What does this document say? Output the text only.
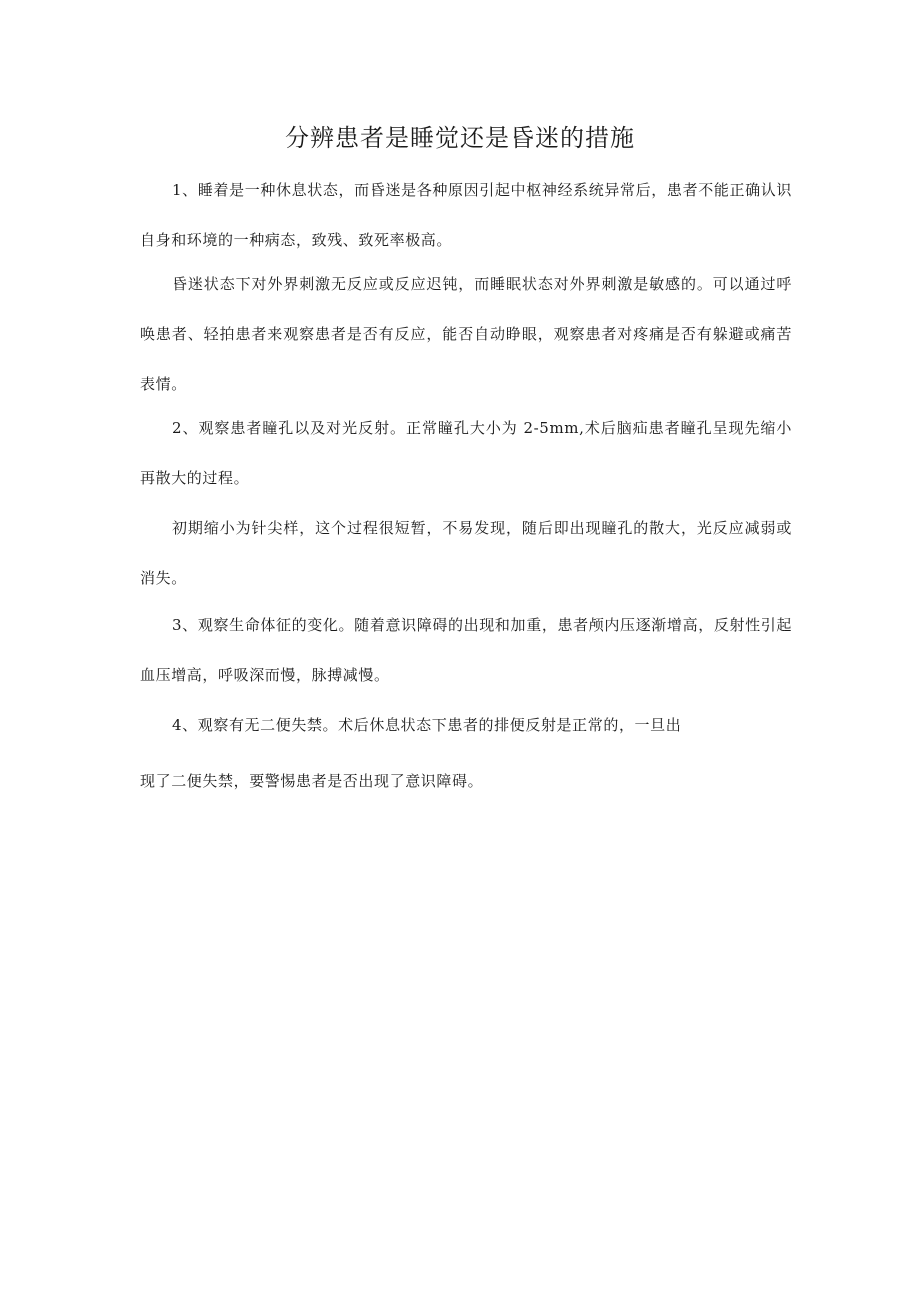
分辨患者是睡觉还是昏迷的措施

1、睡着是一种休息状态，而昏迷是各种原因引起中枢神经系统异常后，患者不能正确认识自身和环境的一种病态，致残、致死率极高。

昏迷状态下对外界刺激无反应或反应迟钝，而睡眠状态对外界刺激是敏感的。可以通过呼唤患者、轻拍患者来观察患者是否有反应，能否自动睁眼，观察患者对疼痛是否有躲避或痛苦表情。

2、观察患者瞳孔以及对光反射。正常瞳孔大小为 2-5mm,术后脑疝患者瞳孔呈现先缩小再散大的过程。

初期缩小为针尖样，这个过程很短暂，不易发现，随后即出现瞳孔的散大，光反应减弱或消失。

3、观察生命体征的变化。随着意识障碍的出现和加重，患者颅内压逐渐增高，反射性引起血压增高，呼吸深而慢，脉搏减慢。

4、观察有无二便失禁。术后休息状态下患者的排便反射是正常的，一旦出

现了二便失禁，要警惕患者是否出现了意识障碍。
